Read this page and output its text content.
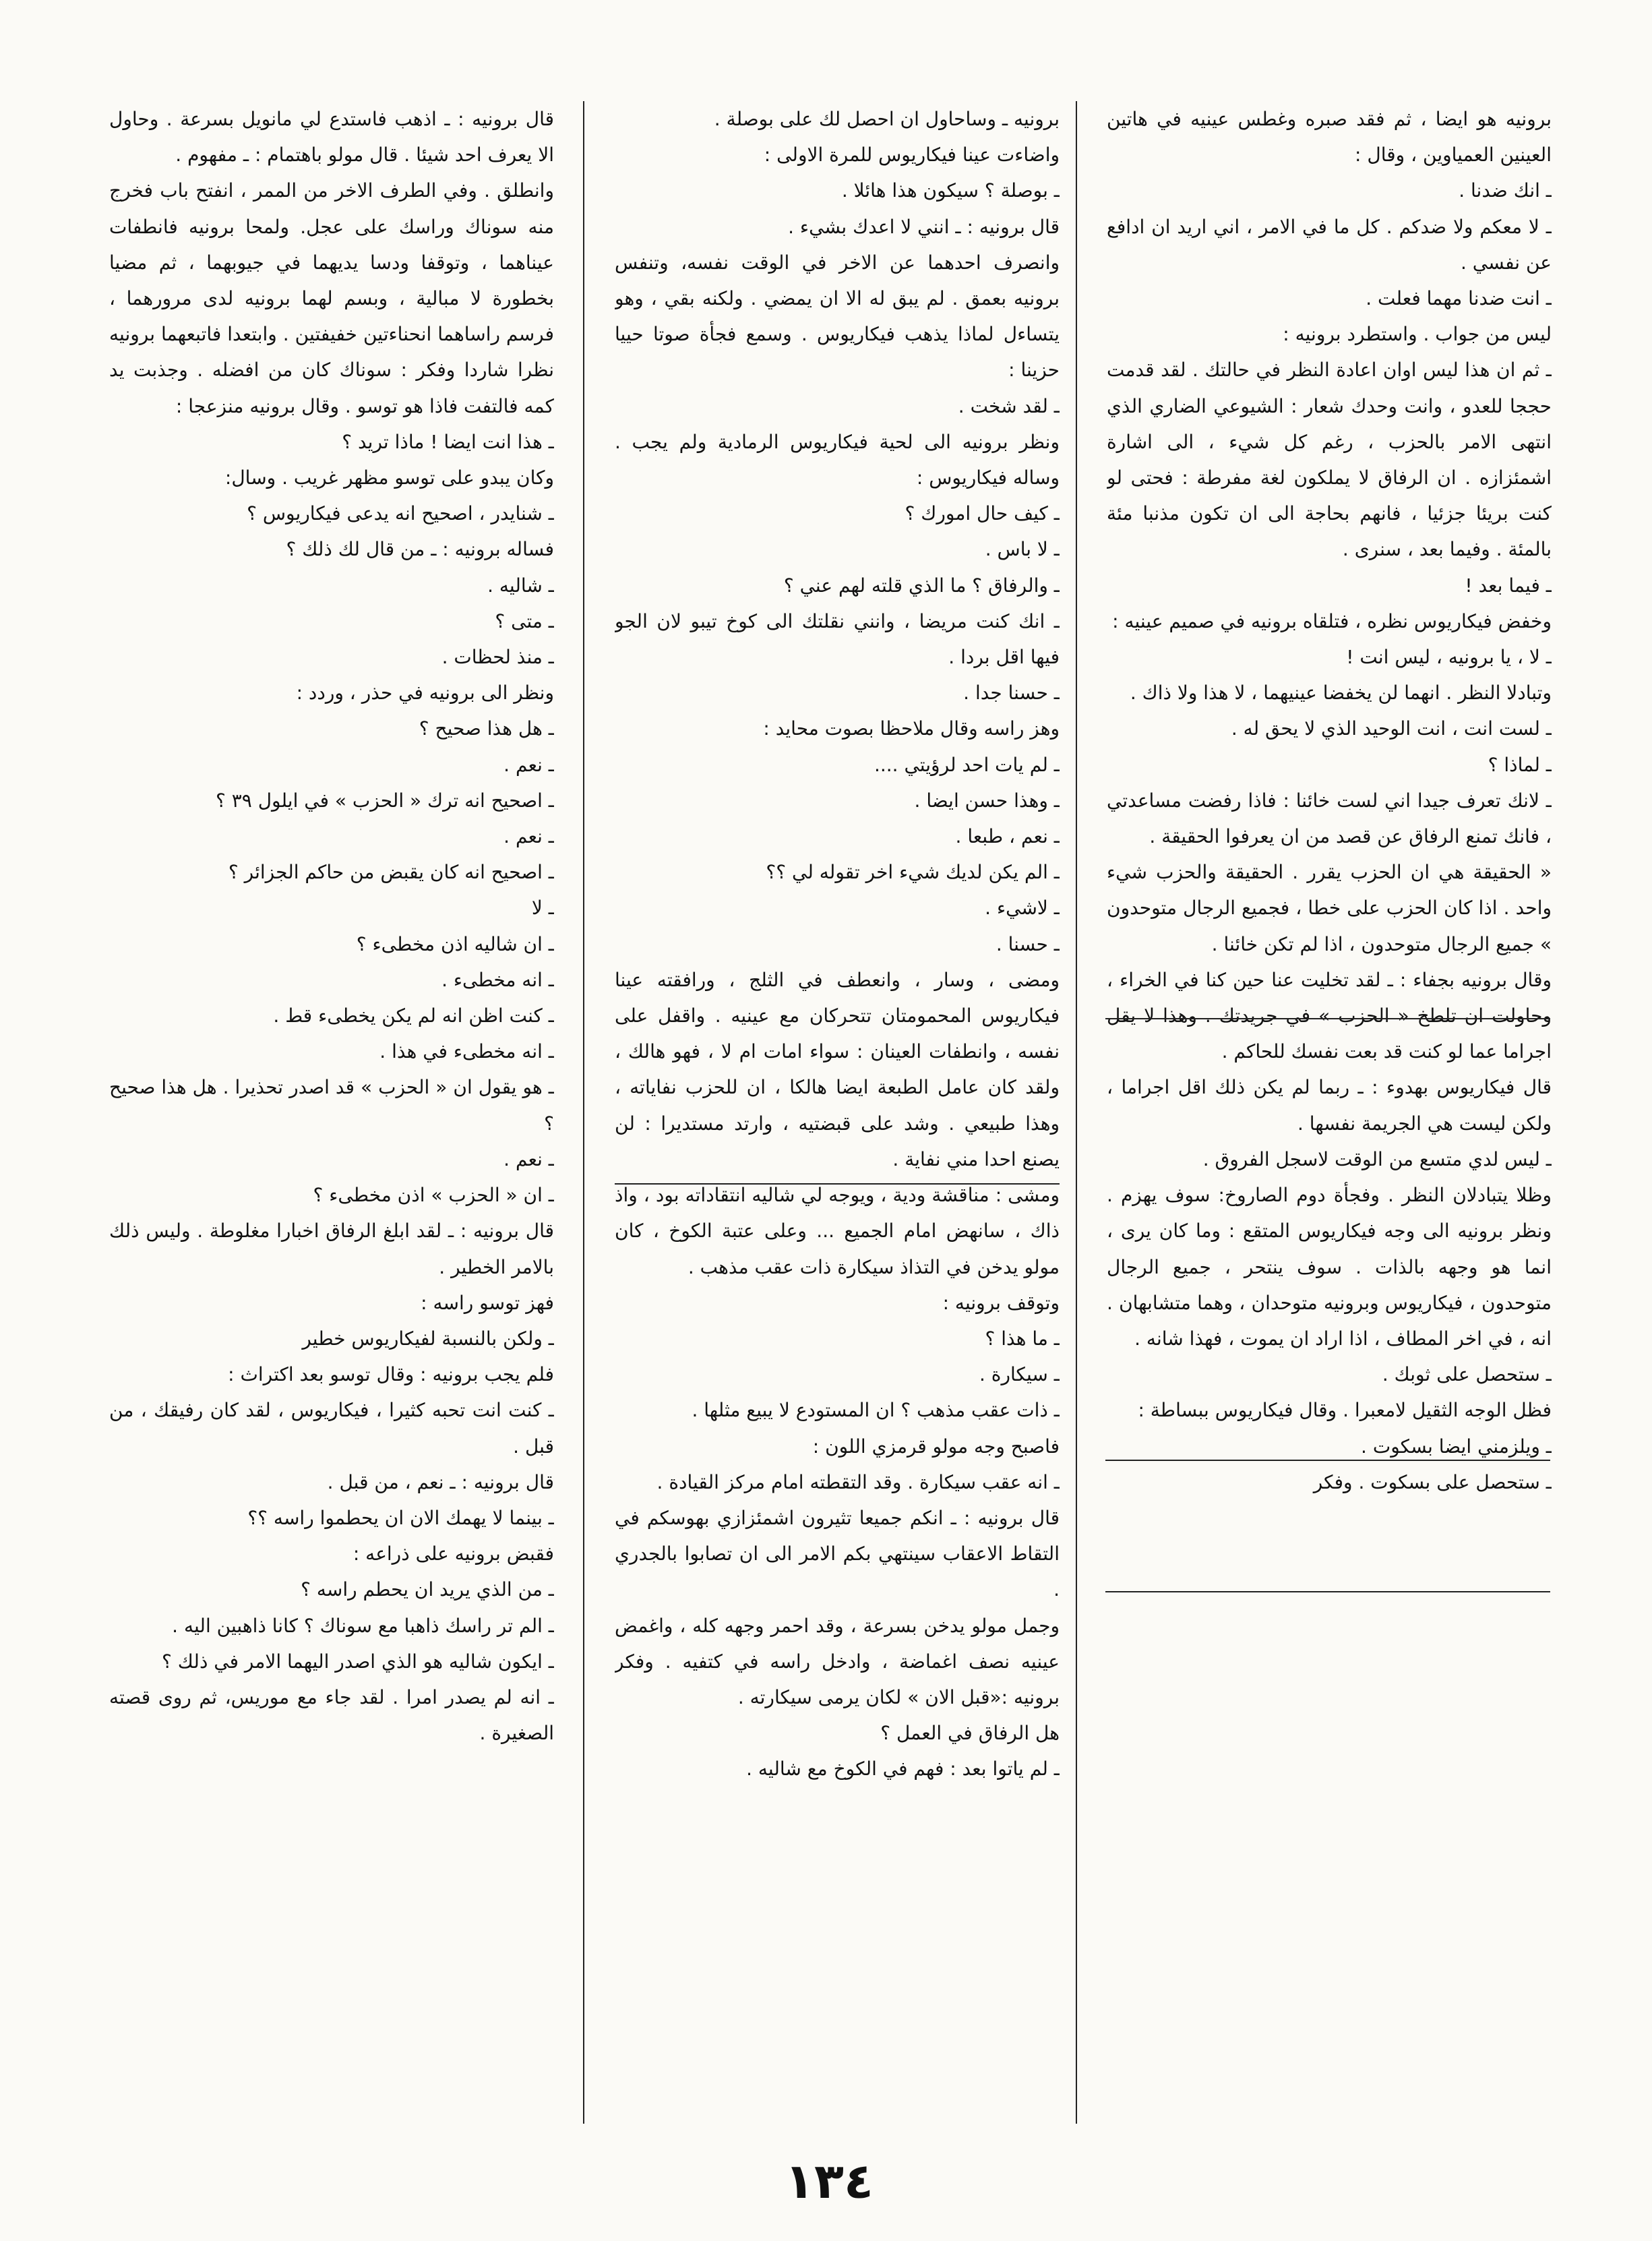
برونيه هو ايضا ، ثم فقد صبره وغطس عينيه في هاتين العينين العمياوين ، وقال :

ـ انك ضدنا .

ـ لا معكم ولا ضدكم . كل ما في الامر ، اني اريد ان ادافع عن نفسي .

ـ انت ضدنا مهما فعلت .

ليس من جواب . واستطرد برونيه :

ـ ثم ان هذا ليس اوان اعادة النظر في حالتك . لقد قدمت حججا للعدو ، وانت وحدك شعار : الشيوعي الضاري الذي انتهى الامر بالحزب ، رغم كل شيء ، الى اشارة اشمئزازه . ان الرفاق لا يملكون لغة مفرطة : فحتى لو كنت بريئا جزئيا ، فانهم بحاجة الى ان تكون مذنبا مئة بالمئة . وفيما بعد ، سنرى .

ـ فيما بعد !

وخفض فيكاريوس نظره ، فتلقاه برونيه في صميم عينيه :

ـ لا ، يا برونيه ، ليس انت !

وتبادلا النظر . انهما لن يخفضا عينيهما ، لا هذا ولا ذاك .

ـ لست انت ، انت الوحيد الذي لا يحق له .

ـ لماذا ؟

ـ لانك تعرف جيدا اني لست خائنا : فاذا رفضت مساعدتي ، فانك تمنع الرفاق عن قصد من ان يعرفوا الحقيقة .

« الحقيقة هي ان الحزب يقرر . الحقيقة والحزب شيء واحد . اذا كان الحزب على خطا ، فجميع الرجال متوحدون » جميع الرجال متوحدون ، اذا لم تكن خائنا .

وقال برونيه بجفاء : ـ لقد تخليت عنا حين كنا في الخراء ، وحاولت ان تلطخ « الحزب » في جريدتك . وهذا لا يقل اجراما عما لو كنت قد بعت نفسك للحاكم .

قال فيكاريوس بهدوء : ـ ربما لم يكن ذلك اقل اجراما ، ولكن ليست هي الجريمة نفسها .

ـ ليس لدي متسع من الوقت لاسجل الفروق .

وظلا يتبادلان النظر . وفجأة دوم الصاروخ: سوف يهزم . ونظر برونيه الى وجه فيكاريوس المتقع : وما كان يرى ، انما هو وجهه بالذات . سوف ينتحر ، جميع الرجال متوحدون ، فيكاريوس وبرونيه متوحدان ، وهما متشابهان . انه ، في اخر المطاف ، اذا اراد ان يموت ، فهذا شانه .

ـ ستحصل على ثوبك .

فظل الوجه الثقيل لامعبرا . وقال فيكاريوس ببساطة :

ـ ويلزمني ايضا بسكوت .

ـ ستحصل على بسكوت . وفكر

برونيه ـ وساحاول ان احصل لك على بوصلة .

واضاءت عينا فيكاريوس للمرة الاولى :

ـ بوصلة ؟ سيكون هذا هائلا .

قال برونيه : ـ انني لا اعدك بشيء .

وانصرف احدهما عن الاخر في الوقت نفسه، وتنفس برونيه بعمق . لم يبق له الا ان يمضي . ولكنه بقي ، وهو يتساءل لماذا يذهب فيكاريوس . وسمع فجأة صوتا حييا حزينا :

ـ لقد شخت .

ونظر برونيه الى لحية فيكاريوس الرمادية ولم يجب . وساله فيكاريوس :

ـ كيف حال امورك ؟

ـ لا باس .

ـ والرفاق ؟ ما الذي قلته لهم عني ؟

ـ انك كنت مريضا ، وانني نقلتك الى كوخ تيبو لان الجو فيها اقل بردا .

ـ حسنا جدا .

وهز راسه وقال ملاحظا بصوت محايد :

ـ لم يات احد لرؤيتي ....

ـ وهذا حسن ايضا .

ـ نعم ، طبعا .

ـ الم يكن لديك شيء اخر تقوله لي ؟؟

ـ لاشيء .

ـ حسنا .

ومضى ، وسار ، وانعطف في الثلج ، ورافقته عينا فيكاريوس المحمومتان تتحركان مع عينيه . واقفل على نفسه ، وانطفات العينان : سواء امات ام لا ، فهو هالك ، ولقد كان عامل الطبعة ايضا هالكا ، ان للحزب نفاياته ، وهذا طبيعي . وشد على قبضتيه ، وارتد مستديرا : لن يصنع احدا مني نفاية .

ومشى : مناقشة ودية ، ويوجه لي شاليه انتقاداته بود ، واذ ذاك ، سانهض امام الجميع ... وعلى عتبة الكوخ ، كان مولو يدخن في التذاذ سيكارة ذات عقب مذهب .

وتوقف برونيه :

ـ ما هذا ؟

ـ سيكارة .

ـ ذات عقب مذهب ؟ ان المستودع لا يبيع مثلها .

فاصبح وجه مولو قرمزي اللون :

ـ انه عقب سيكارة . وقد التقطته امام مركز القيادة .

قال برونيه : ـ انكم جميعا تثيرون اشمئزازي بهوسكم في التقاط الاعقاب سينتهي بكم الامر الى ان تصابوا بالجدري .

وجمل مولو يدخن بسرعة ، وقد احمر وجهه كله ، واغمض عينيه نصف اغماضة ، وادخل راسه في كتفيه . وفكر برونيه :«قبل الان » لكان يرمى سيكارته .

هل الرفاق في العمل ؟

ـ لم ياتوا بعد : فهم في الكوخ مع شاليه .

قال برونيه : ـ اذهب فاستدع لي مانويل بسرعة . وحاول الا يعرف احد شيئا . قال مولو باهتمام : ـ مفهوم .

وانطلق . وفي الطرف الاخر من الممر ، انفتح باب فخرج منه سوناك وراسك على عجل. ولمحا برونيه فانطفات عيناهما ، وتوقفا ودسا يديهما في جيوبهما ، ثم مضيا بخطورة لا مبالية ، وبسم لهما برونيه لدى مرورهما ، فرسم راساهما انحناءتين خفيفتين . وابتعدا فاتبعهما برونيه نظرا شاردا وفكر : سوناك كان من افضله . وجذبت يد كمه فالتفت فاذا هو توسو . وقال برونيه منزعجا :

ـ هذا انت ايضا ! ماذا تريد ؟

وكان يبدو على توسو مظهر غريب . وسال:

ـ شنايدر ، اصحيح انه يدعى فيكاريوس ؟

فساله برونيه : ـ من قال لك ذلك ؟

ـ شاليه .

ـ متى ؟

ـ منذ لحظات .

ونظر الى برونيه في حذر ، وردد :

ـ هل هذا صحيح ؟

ـ نعم .

ـ اصحيح انه ترك « الحزب » في ايلول ٣٩ ؟

ـ نعم .

ـ اصحيح انه كان يقبض من حاكم الجزائر ؟

ـ لا

ـ ان شاليه اذن مخطىء ؟

ـ انه مخطىء .

ـ كنت اظن انه لم يكن يخطىء قط .

ـ انه مخطىء في هذا .

ـ هو يقول ان « الحزب » قد اصدر تحذيرا . هل هذا صحيح ؟

ـ نعم .

ـ ان « الحزب » اذن مخطىء ؟

قال برونيه : ـ لقد ابلغ الرفاق اخبارا مغلوطة . وليس ذلك بالامر الخطير .

فهز توسو راسه :

ـ ولكن بالنسبة لفيكاريوس خطير

فلم يجب برونيه : وقال توسو بعد اكتراث :

ـ كنت انت تحبه كثيرا ، فيكاريوس ، لقد كان رفيقك ، من قبل .

قال برونيه : ـ نعم ، من قبل .

ـ بينما لا يهمك الان ان يحطموا راسه ؟؟

فقبض برونيه على ذراعه :

ـ من الذي يريد ان يحطم راسه ؟

ـ الم تر راسك ذاهبا مع سوناك ؟ كانا ذاهبين اليه .

ـ ايكون شاليه هو الذي اصدر اليهما الامر في ذلك ؟

ـ انه لم يصدر امرا . لقد جاء مع موريس، ثم روى قصته الصغيرة .

١٣٤
